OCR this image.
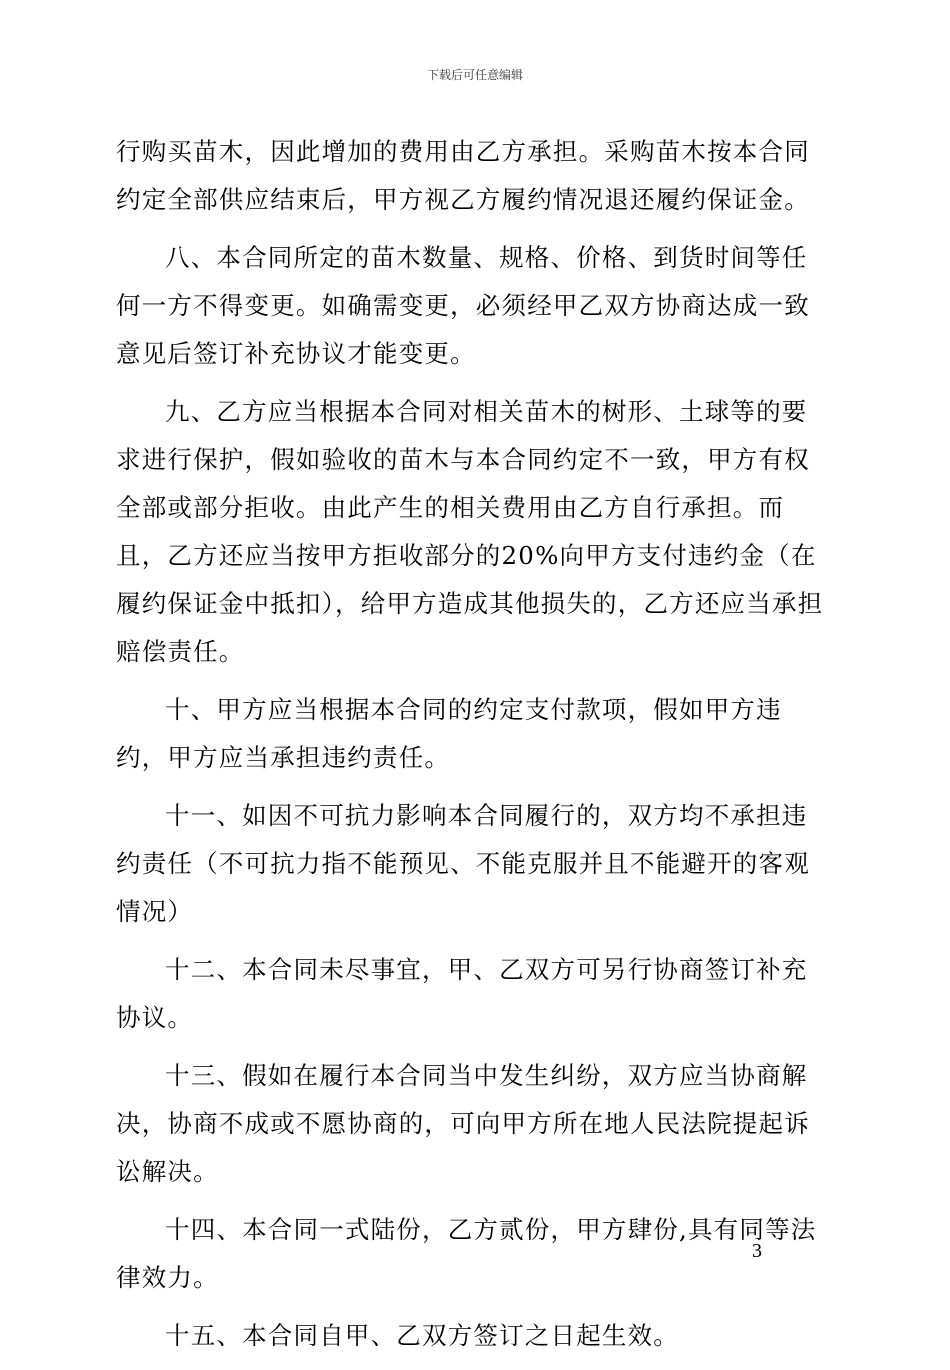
下载后可任意编辑

行购买苗木，因此增加的费用由乙方承担。采购苗木按本合同约定全部供应结束后，甲方视乙方履约情况退还履约保证金。

八、本合同所定的苗木数量、规格、价格、到货时间等任何一方不得变更。如确需变更，必须经甲乙双方协商达成一致意见后签订补充协议才能变更。

九、乙方应当根据本合同对相关苗木的树形、土球等的要求进行保护，假如验收的苗木与本合同约定不一致，甲方有权全部或部分拒收。由此产生的相关费用由乙方自行承担。而且，乙方还应当按甲方拒收部分的20%向甲方支付违约金（在履约保证金中抵扣），给甲方造成其他损失的，乙方还应当承担赔偿责任。

十、甲方应当根据本合同的约定支付款项，假如甲方违约，甲方应当承担违约责任。

十一、如因不可抗力影响本合同履行的，双方均不承担违约责任（不可抗力指不能预见、不能克服并且不能避开的客观情况）

十二、本合同未尽事宜，甲、乙双方可另行协商签订补充协议。

十三、假如在履行本合同当中发生纠纷，双方应当协商解决，协商不成或不愿协商的，可向甲方所在地人民法院提起诉讼解决。

十四、本合同一式陆份，乙方贰份，甲方肆份,具有同等法律效力。

十五、本合同自甲、乙双方签订之日起生效。

3
